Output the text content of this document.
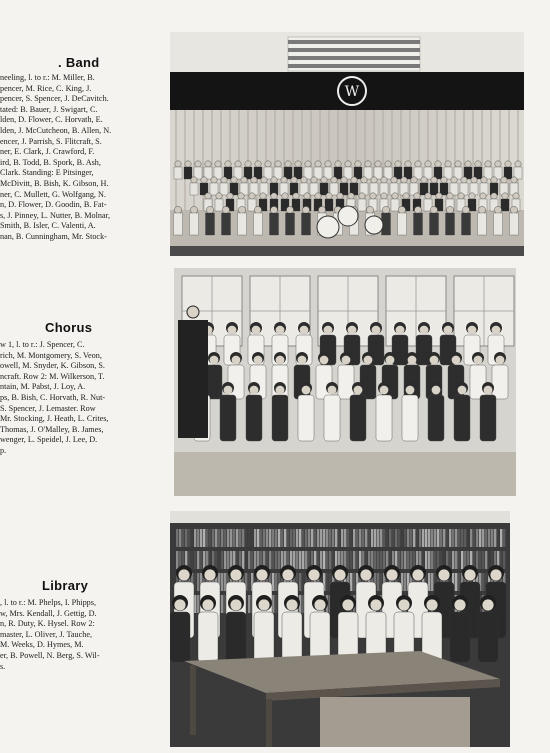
. Band
neeling, l. to r.: M. Miller, B.
pencer, M. Rice, C. King, J.
pencer, S. Spencer, J. DeCavitch.
tated: B. Bauer, J. Swigart, C.
lden, D. Flower, C. Horvath, E.
lden, J. McCutcheon, B. Allen, N.
encer, J. Parrish, S. Flitcraft, S.
ner, E. Clark, J. Crawford, F.
ird, B. Todd, B. Spork, B. Ash,
Clark. Standing: E Pitsinger,
McDivitt, B. Bish, K. Gibson, H.
ner, C. Mullett, G. Wolfgang, N.
n, D. Flower, D. Goodin, B. Fat-
s, J. Pinney, L. Nutter, B. Molnar,
Smith, B. Isler, C. Valenti, A.
nan, B. Cunningham, Mr. Stock-
W
Chorus
w 1, l. to r.: J. Spencer, C.
rich, M. Montgomery, S. Veon,
owell, M. Snyder, K. Gibson, S.
ncraft. Row 2: M. Wilkerson, T.
ntain, M. Pabst, J. Loy, A.
ps, B. Bish, C. Horvath, R. Nut-
S. Spencer, J. Lemaster. Row
Mr. Stocking, J. Heath, L. Crites,
Thomas, J. O'Malley, B. James,
wenger, L. Speidel, J. Lee, D.
p.
Library
, l. to r.: M. Phelps, I. Phipps,
w, Mrs. Kendall, J. Gettig, D.
n, R. Duty, K. Hysel. Row 2:
master, L. Oliver, J. Tauche,
M. Weeks, D. Hymes, M.
er, B. Powell, N. Berg, S. Wil-
s.
